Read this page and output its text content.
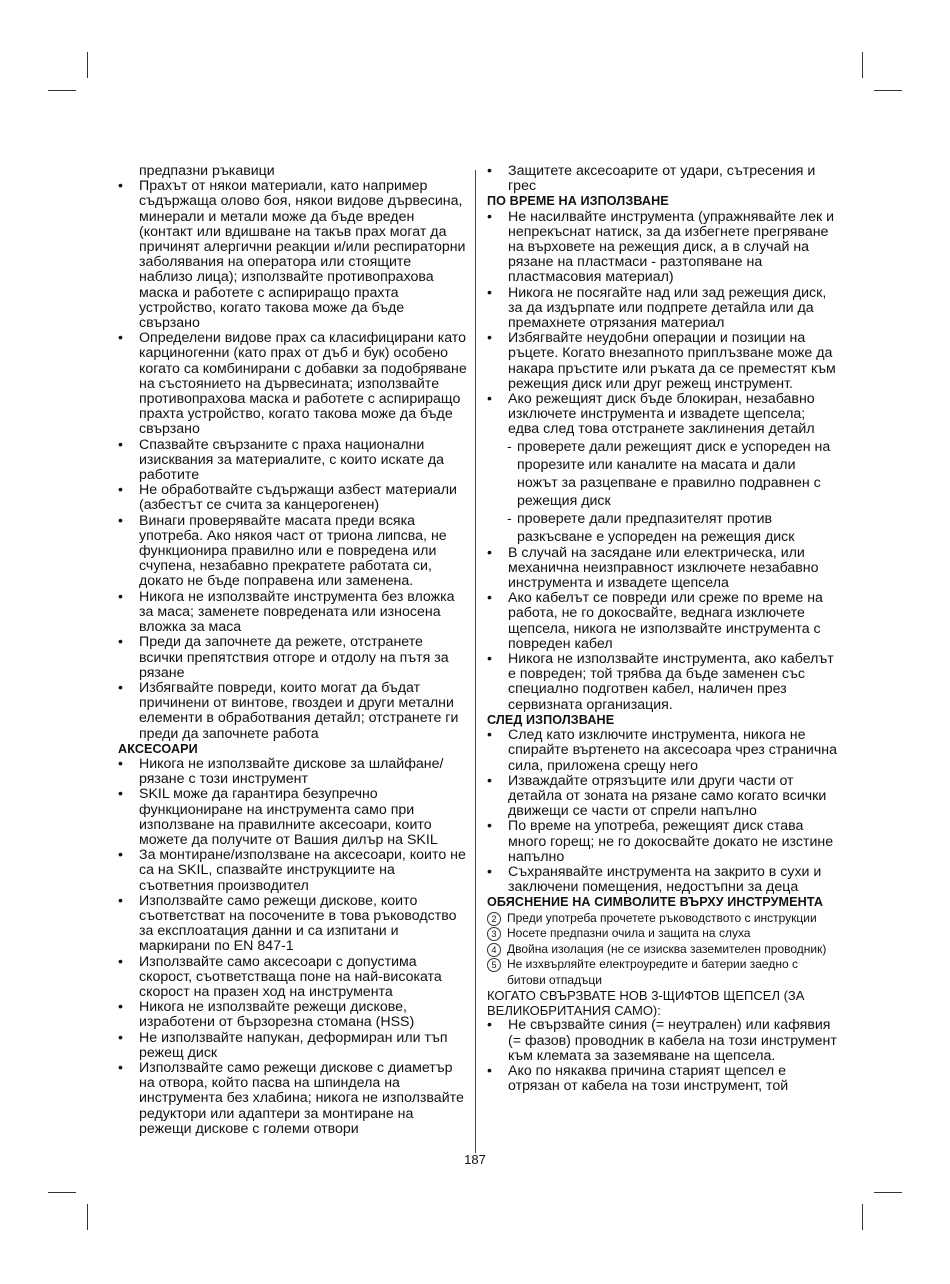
предпазни ръкавици

• Прахът от някои материали, като например съдържаща олово боя, някои видове дървесина, минерали и метали може да бъде вреден (контакт или вдишване на такъв прах могат да причинят алергични реакции и/или респираторни заболявания на оператора или стоящите наблизо лица); използвайте противопрахова маска и работете с аспириращо прахта устройство, когато такова може да бъде свързано

• Определени видове прах са класифицирани като карциногенни (като прах от дъб и бук) особено когато са комбинирани с добавки за подобряване на състоянието на дървесината; използвайте противопрахова маска и работете с аспириращо прахта устройство, когато такова може да бъде свързано

• Спазвайте свързаните с праха национални изисквания за материалите, с които искате да работите

• Не обработвайте съдържащи азбест материали (азбестът се счита за канцерогенен)

• Винаги проверявайте масата преди всяка употреба. Ако някоя част от триона липсва, не функционира правилно или е повредена или счупена, незабавно прекратете работата си, докато не бъде поправена или заменена.

• Никога не използвайте инструмента без вложка за маса; заменете повредената или износена вложка за маса

• Преди да започнете да режете, отстранете всички препятствия отгоре и отдолу на пътя за рязане

• Избягвайте повреди, които могат да бъдат причинени от винтове, гвоздеи и други метални елементи в обработвания детайл; отстранете ги преди да започнете работа

АКСЕСОАРИ

• Никога не използвайте дискове за шлайфане/рязане с този инструмент

• SKIL може да гарантира безупречно функциониране на инструмента само при използване на правилните аксесоари, които можете да получите от Вашия дилър на SKIL

• За монтиране/използване на аксесоари, които не са на SKIL, спазвайте инструкциите на съответния производител

• Използвайте само режещи дискове, които съответстват на посочените в това ръководство за експлоатация данни и са изпитани и маркирани по EN 847-1

• Използвайте само аксесоари с допустима скорост, съответстваща поне на най-високата скорост на празен ход на инструмента

• Никога не използвайте режещи дискове, изработени от бързорезна стомана (HSS)

• Не използвайте напукан, деформиран или тъп режещ диск

• Използвайте само режещи дискове с диаметър на отвора, който пасва на шпиндела на инструмента без хлабина; никога не използвайте редуктори или адаптери за монтиране на режещи дискове с големи отвори

• Защитете аксесоарите от удари, сътресения и грес

ПО ВРЕМЕ НА ИЗПОЛЗВАНЕ

• Не насилвайте инструмента (упражнявайте лек и непрекъснат натиск, за да избегнете прегряване на върховете на режещия диск, а в случай на рязане на пластмаси - разтопяване на пластмасовия материал)

• Никога не посягайте над или зад режещия диск, за да издърпате или подпрете детайла или да премахнете отрязания материал

• Избягвайте неудобни операции и позиции на ръцете. Когато внезапното приплъзване може да накара пръстите или ръката да се преместят към режещия диск или друг режещ инструмент.

• Ако режещият диск бъде блокиран, незабавно изключете инструмента и извадете щепсела; едва след това отстранете заклинения детайл

- проверете дали режещият диск е успореден на прорезите или каналите на масата и дали ножът за разцепване е правилно подравнен с режещия диск

- проверете дали предпазителят против разкъсване е успореден на режещия диск

• В случай на засядане или електрическа, или механична неизправност изключете незабавно инструмента и извадете щепсела

• Ако кабелът се повреди или среже по време на работа, не го докосвайте, веднага изключете щепсела, никога не използвайте инструмента с повреден кабел

• Никога не използвайте инструмента, ако кабелът е повреден; той трябва да бъде заменен със специално подготвен кабел, наличен през сервизната организация.

СЛЕД ИЗПОЛЗВАНЕ

• След като изключите инструмента, никога не спирайте въртенето на аксесоара чрез странична сила, приложена срещу него

• Изваждайте отрязъците или други части от детайла от зоната на рязане само когато всички движещи се части от спрели напълно

• По време на употреба, режещият диск става много горещ; не го докосвайте докато не изстине напълно

• Съхранявайте инструмента на закрито в сухи и заключени помещения, недостъпни за деца

ОБЯСНЕНИЕ НА СИМВОЛИТЕ ВЪРХУ ИНСТРУМЕНТА

2 Преди употреба прочетете ръководството с инструкции

3 Носете предпазни очила и защита на слуха

4 Двойна изолация (не се изисква заземителен проводник)

5 Не изхвърляйте електроуредите и батерии заедно с битови отпадъци

КОГАТО СВЪРЗВАТЕ НОВ 3-ЩИФТОВ ЩЕПСЕЛ (ЗА ВЕЛИКОБРИТАНИЯ САМО):

• Не свързвайте синия (= неутрален) или кафявия (= фазов) проводник в кабела на този инструмент към клемата за заземяване на щепсела.

• Ако по някаква причина старият щепсел е отрязан от кабела на този инструмент, той

187
